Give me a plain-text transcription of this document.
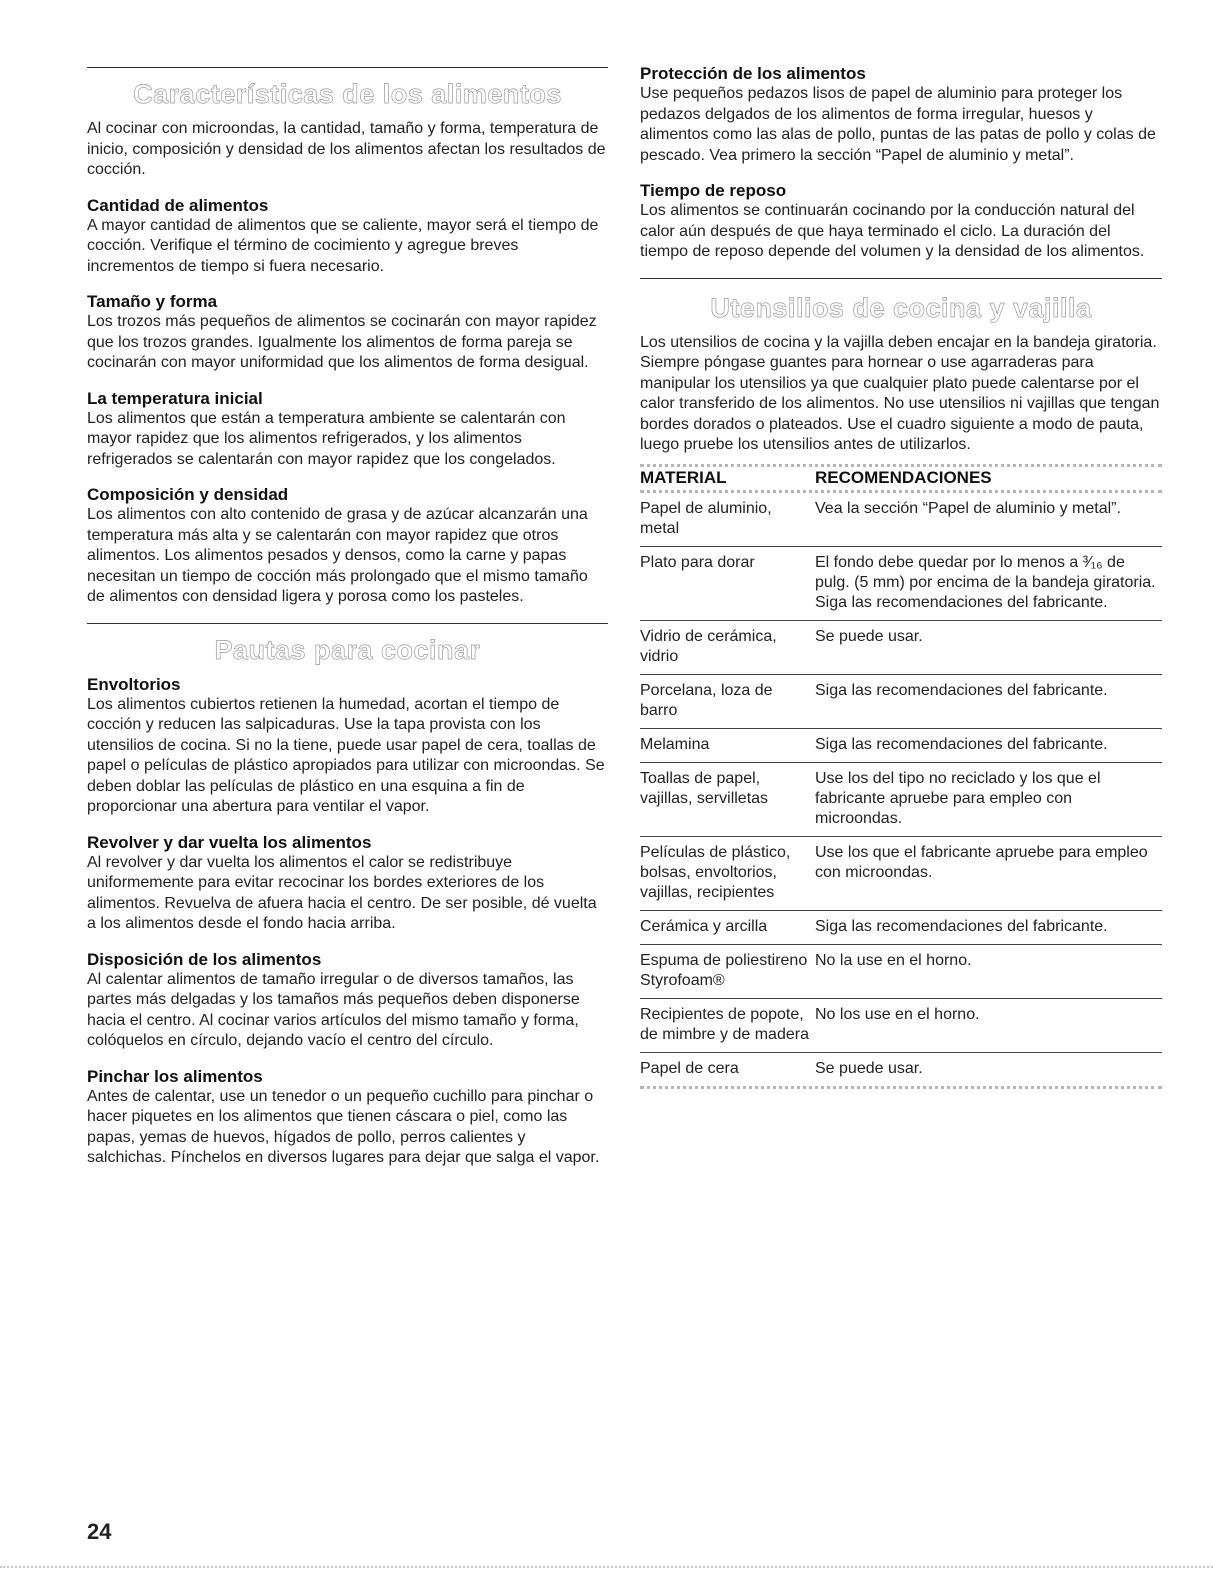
Características de los alimentos

Al cocinar con microondas, la cantidad, tamaño y forma, temperatura de inicio, composición y densidad de los alimentos afectan los resultados de cocción.

Cantidad de alimentos

A mayor cantidad de alimentos que se caliente, mayor será el tiempo de cocción. Verifique el término de cocimiento y agregue breves incrementos de tiempo si fuera necesario.

Tamaño y forma

Los trozos más pequeños de alimentos se cocinarán con mayor rapidez que los trozos grandes. Igualmente los alimentos de forma pareja se cocinarán con mayor uniformidad que los alimentos de forma desigual.

La temperatura inicial

Los alimentos que están a temperatura ambiente se calentarán con mayor rapidez que los alimentos refrigerados, y los alimentos refrigerados se calentarán con mayor rapidez que los congelados.

Composición y densidad

Los alimentos con alto contenido de grasa y de azúcar alcanzarán una temperatura más alta y se calentarán con mayor rapidez que otros alimentos. Los alimentos pesados y densos, como la carne y papas necesitan un tiempo de cocción más prolongado que el mismo tamaño de alimentos con densidad ligera y porosa como los pasteles.

Pautas para cocinar

Envoltorios

Los alimentos cubiertos retienen la humedad, acortan el tiempo de cocción y reducen las salpicaduras. Use la tapa provista con los utensilios de cocina. Si no la tiene, puede usar papel de cera, toallas de papel o películas de plástico apropiados para utilizar con microondas. Se deben doblar las películas de plástico en una esquina a fin de proporcionar una abertura para ventilar el vapor.

Revolver y dar vuelta los alimentos

Al revolver y dar vuelta los alimentos el calor se redistribuye uniformemente para evitar recocinar los bordes exteriores de los alimentos. Revuelva de afuera hacia el centro. De ser posible, dé vuelta a los alimentos desde el fondo hacia arriba.

Disposición de los alimentos

Al calentar alimentos de tamaño irregular o de diversos tamaños, las partes más delgadas y los tamaños más pequeños deben disponerse hacia el centro. Al cocinar varios artículos del mismo tamaño y forma, colóquelos en círculo, dejando vacío el centro del círculo.

Pinchar los alimentos

Antes de calentar, use un tenedor o un pequeño cuchillo para pinchar o hacer piquetes en los alimentos que tienen cáscara o piel, como las papas, yemas de huevos, hígados de pollo, perros calientes y salchichas. Pínchelos en diversos lugares para dejar que salga el vapor.

Protección de los alimentos

Use pequeños pedazos lisos de papel de aluminio para proteger los pedazos delgados de los alimentos de forma irregular, huesos y alimentos como las alas de pollo, puntas de las patas de pollo y colas de pescado. Vea primero la sección “Papel de aluminio y metal”.

Tiempo de reposo

Los alimentos se continuarán cocinando por la conducción natural del calor aún después de que haya terminado el ciclo. La duración del tiempo de reposo depende del volumen y la densidad de los alimentos.

Utensilios de cocina y vajilla

Los utensilios de cocina y la vajilla deben encajar en la bandeja giratoria. Siempre póngase guantes para hornear o use agarraderas para manipular los utensilios ya que cualquier plato puede calentarse por el calor transferido de los alimentos. No use utensilios ni vajillas que tengan bordes dorados o plateados. Use el cuadro siguiente a modo de pauta, luego pruebe los utensilios antes de utilizarlos.

MATERIAL	RECOMENDACIONES

Papel de aluminio, metal	Vea la sección “Papel de aluminio y metal”.
Plato para dorar	El fondo debe quedar por lo menos a ³⁄₁₆ de pulg. (5 mm) por encima de la bandeja giratoria. Siga las recomendaciones del fabricante.
Vidrio de cerámica, vidrio	Se puede usar.
Porcelana, loza de barro	Siga las recomendaciones del fabricante.
Melamina	Siga las recomendaciones del fabricante.
Toallas de papel, vajillas, servilletas	Use los del tipo no reciclado y los que el fabricante apruebe para empleo con microondas.
Películas de plástico, bolsas, envoltorios, vajillas, recipientes	Use los que el fabricante apruebe para empleo con microondas.
Cerámica y arcilla	Siga las recomendaciones del fabricante.
Espuma de poliestireno Styrofoam®	No la use en el horno.
Recipientes de popote, de mimbre y de madera	No los use en el horno.
Papel de cera	Se puede usar.
24
